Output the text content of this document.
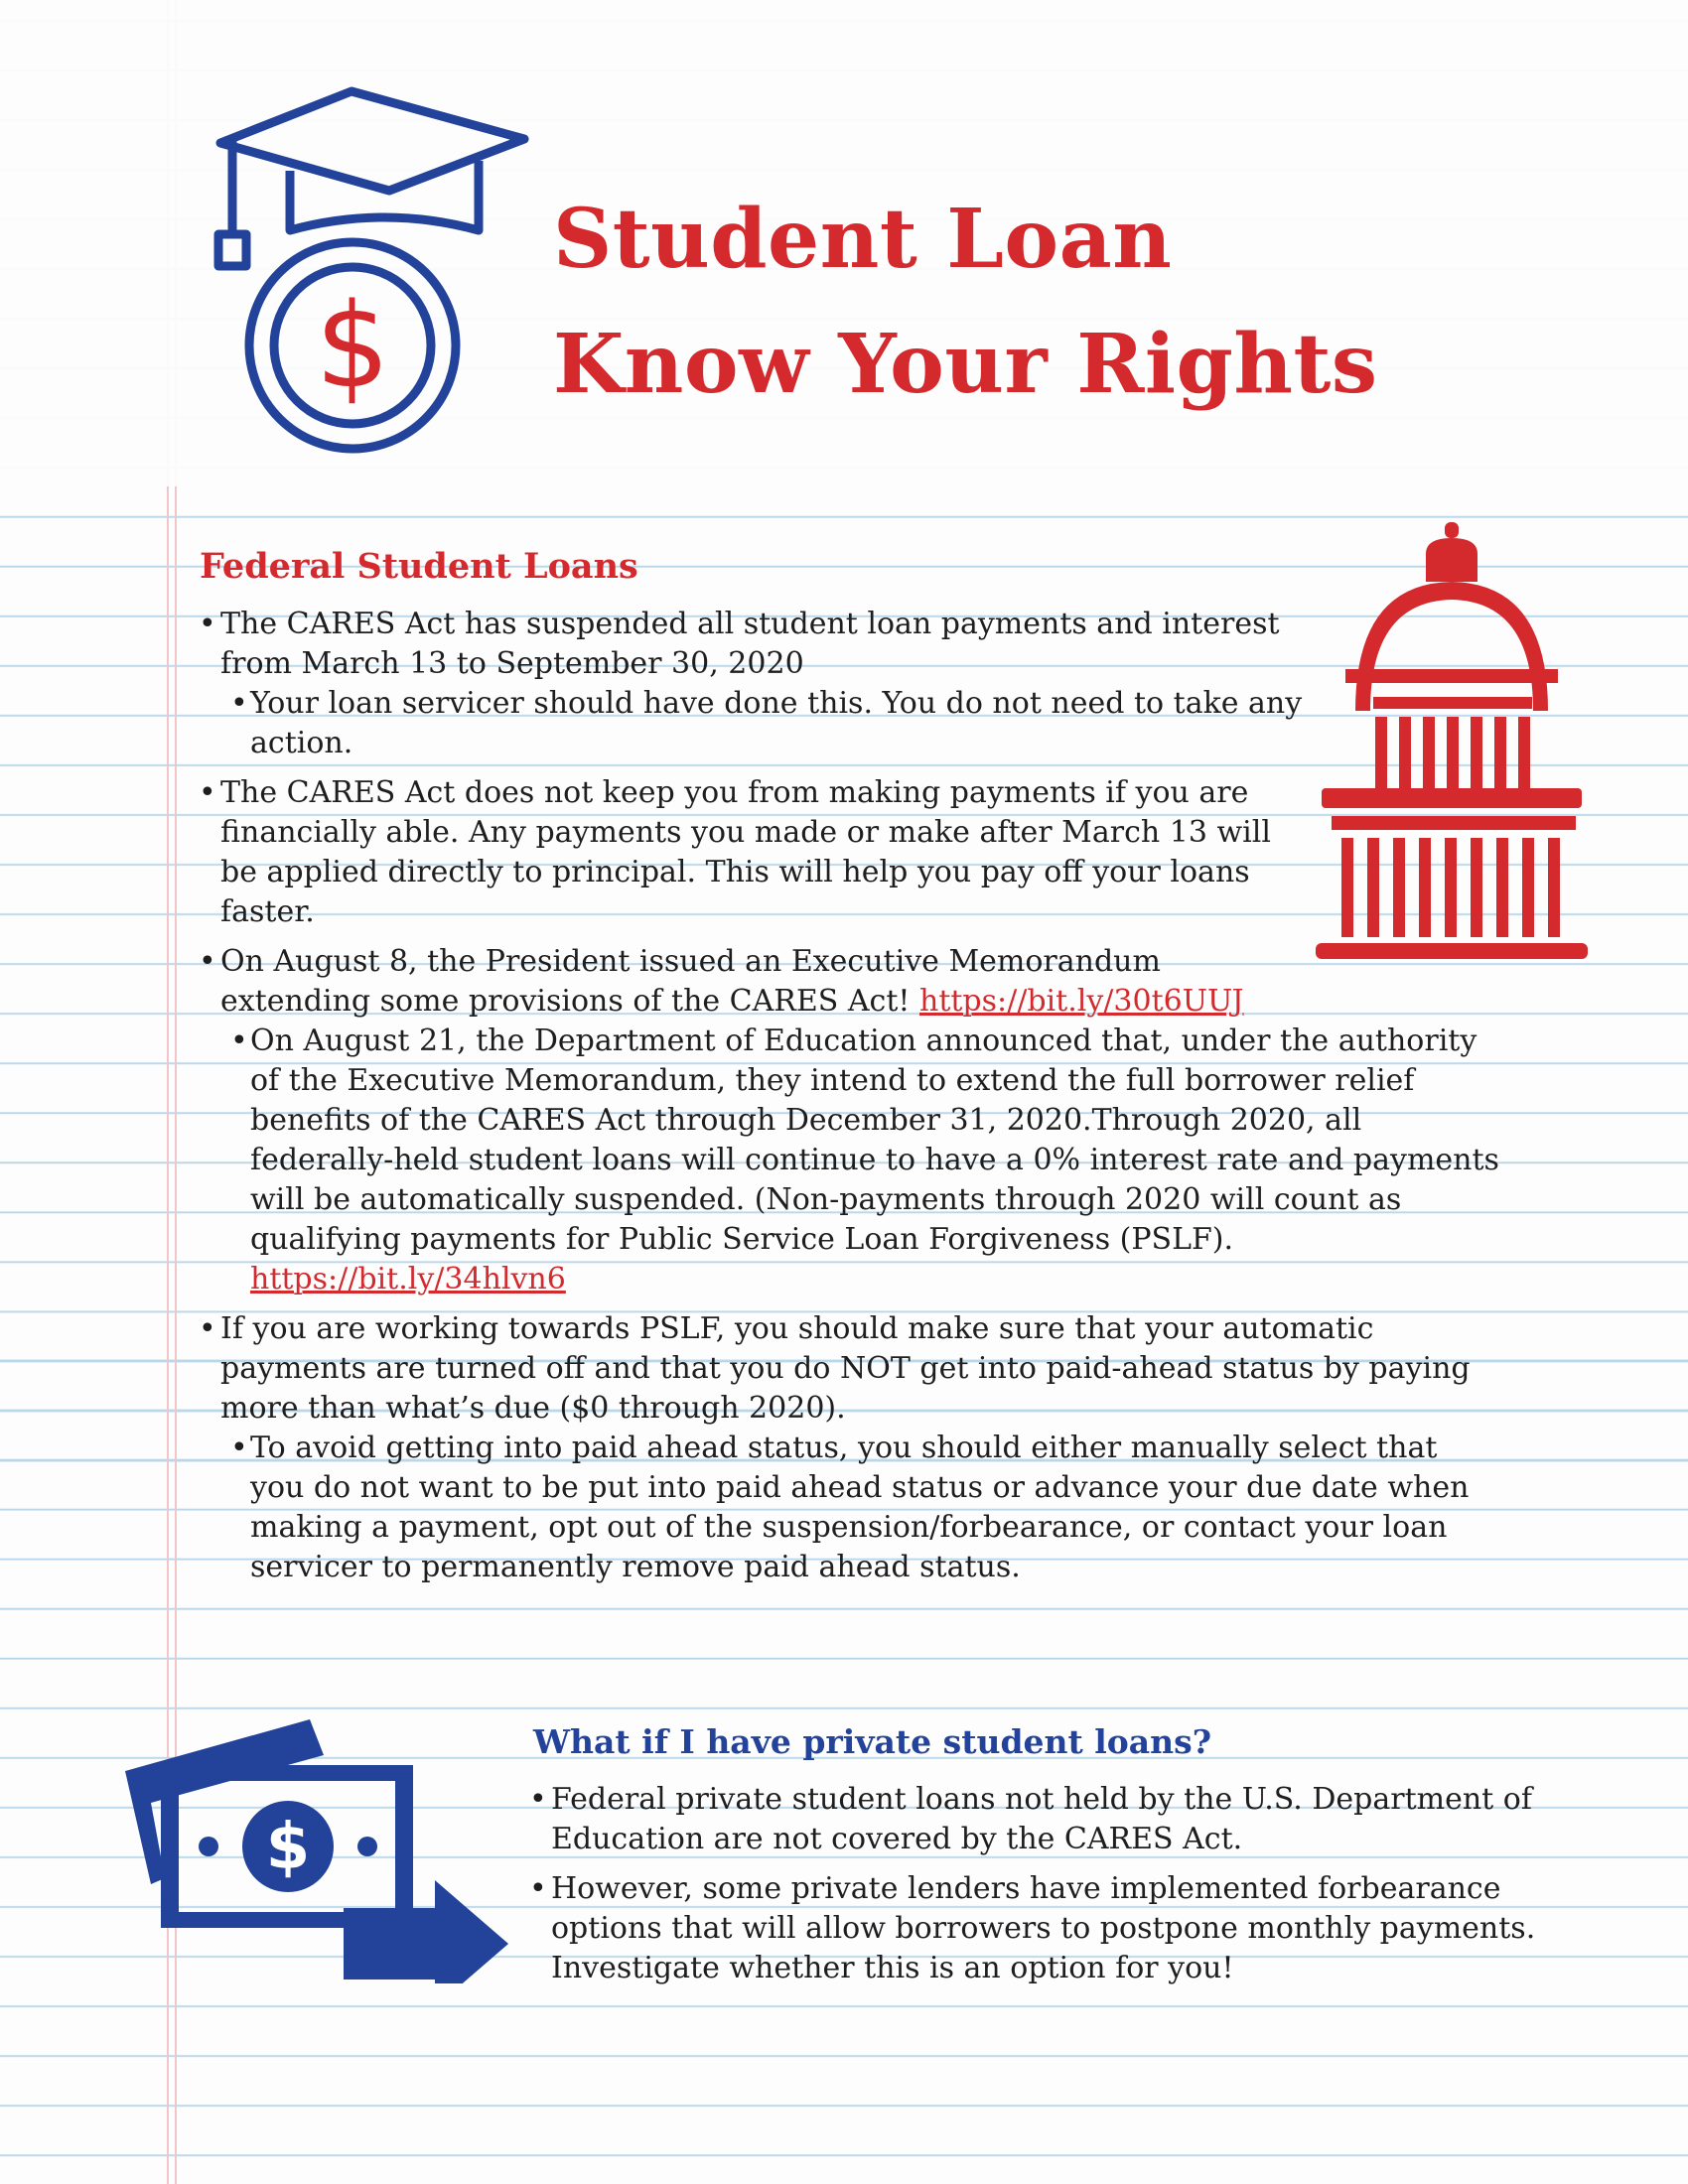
$
Student Loan
Know Your Rights
Federal Student Loans
• The CARES Act has suspended all student loan payments and interest from March 13 to September 30, 2020
• Your loan servicer should have done this. You do not need to take any action.
• The CARES Act does not keep you from making payments if you are financially able. Any payments you made or make after March 13 will be applied directly to principal. This will help you pay off your loans faster.
• On August 8, the President issued an Executive Memorandum extending some provisions of the CARES Act! https://bit.ly/30t6UUJ
• On August 21, the Department of Education announced that, under the authority of the Executive Memorandum, they intend to extend the full borrower relief benefits of the CARES Act through December 31, 2020.Through 2020, all federally-held student loans will continue to have a 0% interest rate and payments will be automatically suspended. (Non-payments through 2020 will count as qualifying payments for Public Service Loan Forgiveness (PSLF).
https://bit.ly/34hlvn6
• If you are working towards PSLF, you should make sure that your automatic payments are turned off and that you do NOT get into paid-ahead status by paying more than what’s due ($0 through 2020).
• To avoid getting into paid ahead status, you should either manually select that you do not want to be put into paid ahead status or advance your due date when making a payment, opt out of the suspension/forbearance, or contact your loan servicer to permanently remove paid ahead status.
$
What if I have private student loans?
• Federal private student loans not held by the U.S. Department of Education are not covered by the CARES Act.
• However, some private lenders have implemented forbearance options that will allow borrowers to postpone monthly payments. Investigate whether this is an option for you!
